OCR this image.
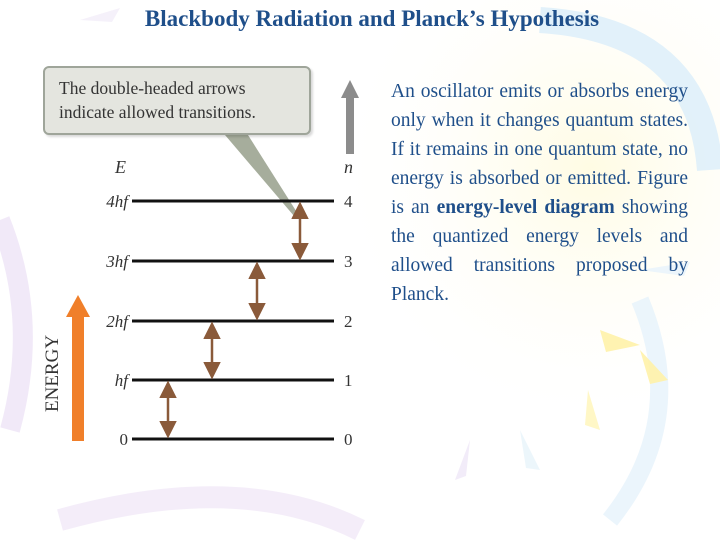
Blackbody Radiation and Planck’s Hypothesis
The double-headed arrows
indicate allowed transitions.
ENERGY
E	n
4hf	4
3hf	3
2hf	2
hf	1
0	0
An oscillator emits or absorbs energy only when it changes quantum states. If it remains in one quantum state, no energy is absorbed or emitted. Figure is an energy-level diagram showing the quantized energy levels and allowed transitions proposed by Planck.
